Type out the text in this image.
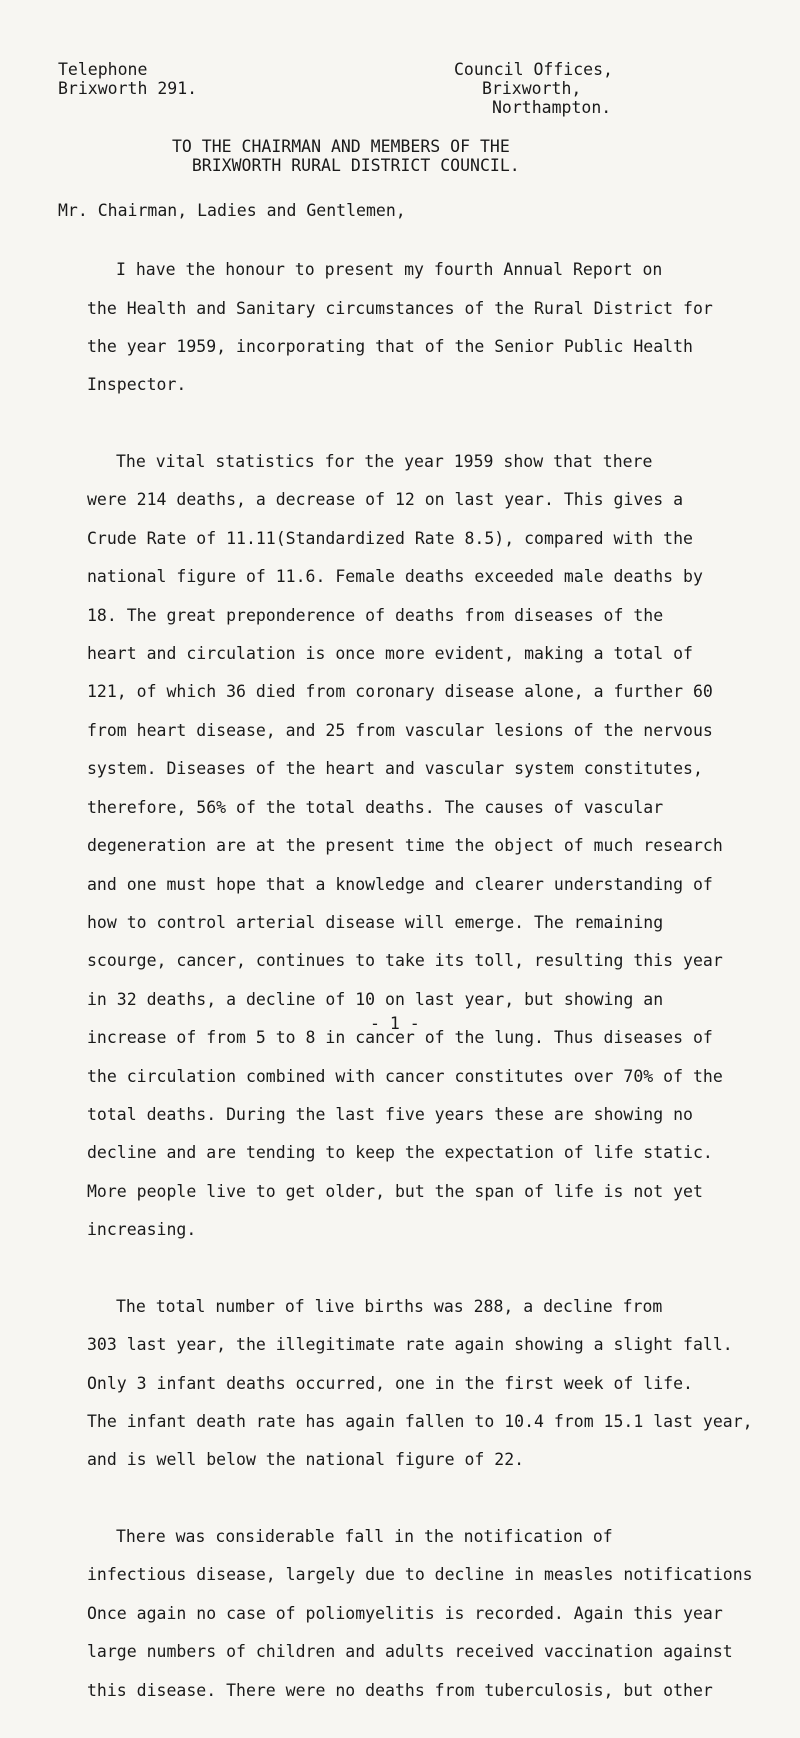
Telephone
Brixworth 291.
Council Offices,
Brixworth,
Northampton.
TO THE CHAIRMAN AND MEMBERS OF THE
BRIXWORTH RURAL DISTRICT COUNCIL.
Mr. Chairman, Ladies and Gentlemen,

I have the honour to present my fourth Annual Report on

the Health and Sanitary circumstances of the Rural District for

the year 1959, incorporating that of the Senior Public Health

Inspector.

The vital statistics for the year 1959 show that there

were 214 deaths, a decrease of 12 on last year. This gives a

Crude Rate of 11.11(Standardized Rate 8.5), compared with the

national figure of 11.6. Female deaths exceeded male deaths by

18. The great preponderence of deaths from diseases of the

heart and circulation is once more evident, making a total of

121, of which 36 died from coronary disease alone, a further 60

from heart disease, and 25 from vascular lesions of the nervous

system. Diseases of the heart and vascular system constitutes,

therefore, 56% of the total deaths. The causes of vascular

degeneration are at the present time the object of much research

and one must hope that a knowledge and clearer understanding of

how to control arterial disease will emerge. The remaining

scourge, cancer, continues to take its toll, resulting this year

in 32 deaths, a decline of 10 on last year, but showing an

increase of from 5 to 8 in cancer of the lung. Thus diseases of

the circulation combined with cancer constitutes over 70% of the

total deaths. During the last five years these are showing no

decline and are tending to keep the expectation of life static.

More people live to get older, but the span of life is not yet

increasing.

The total number of live births was 288, a decline from

303 last year, the illegitimate rate again showing a slight fall.

Only 3 infant deaths occurred, one in the first week of life.

The infant death rate has again fallen to 10.4 from 15.1 last year,

and is well below the national figure of 22.

There was considerable fall in the notification of

infectious disease, largely due to decline in measles notifications

Once again no case of poliomyelitis is recorded. Again this year

large numbers of children and adults received vaccination against

this disease. There were no deaths from tuberculosis, but other

- 1 -
